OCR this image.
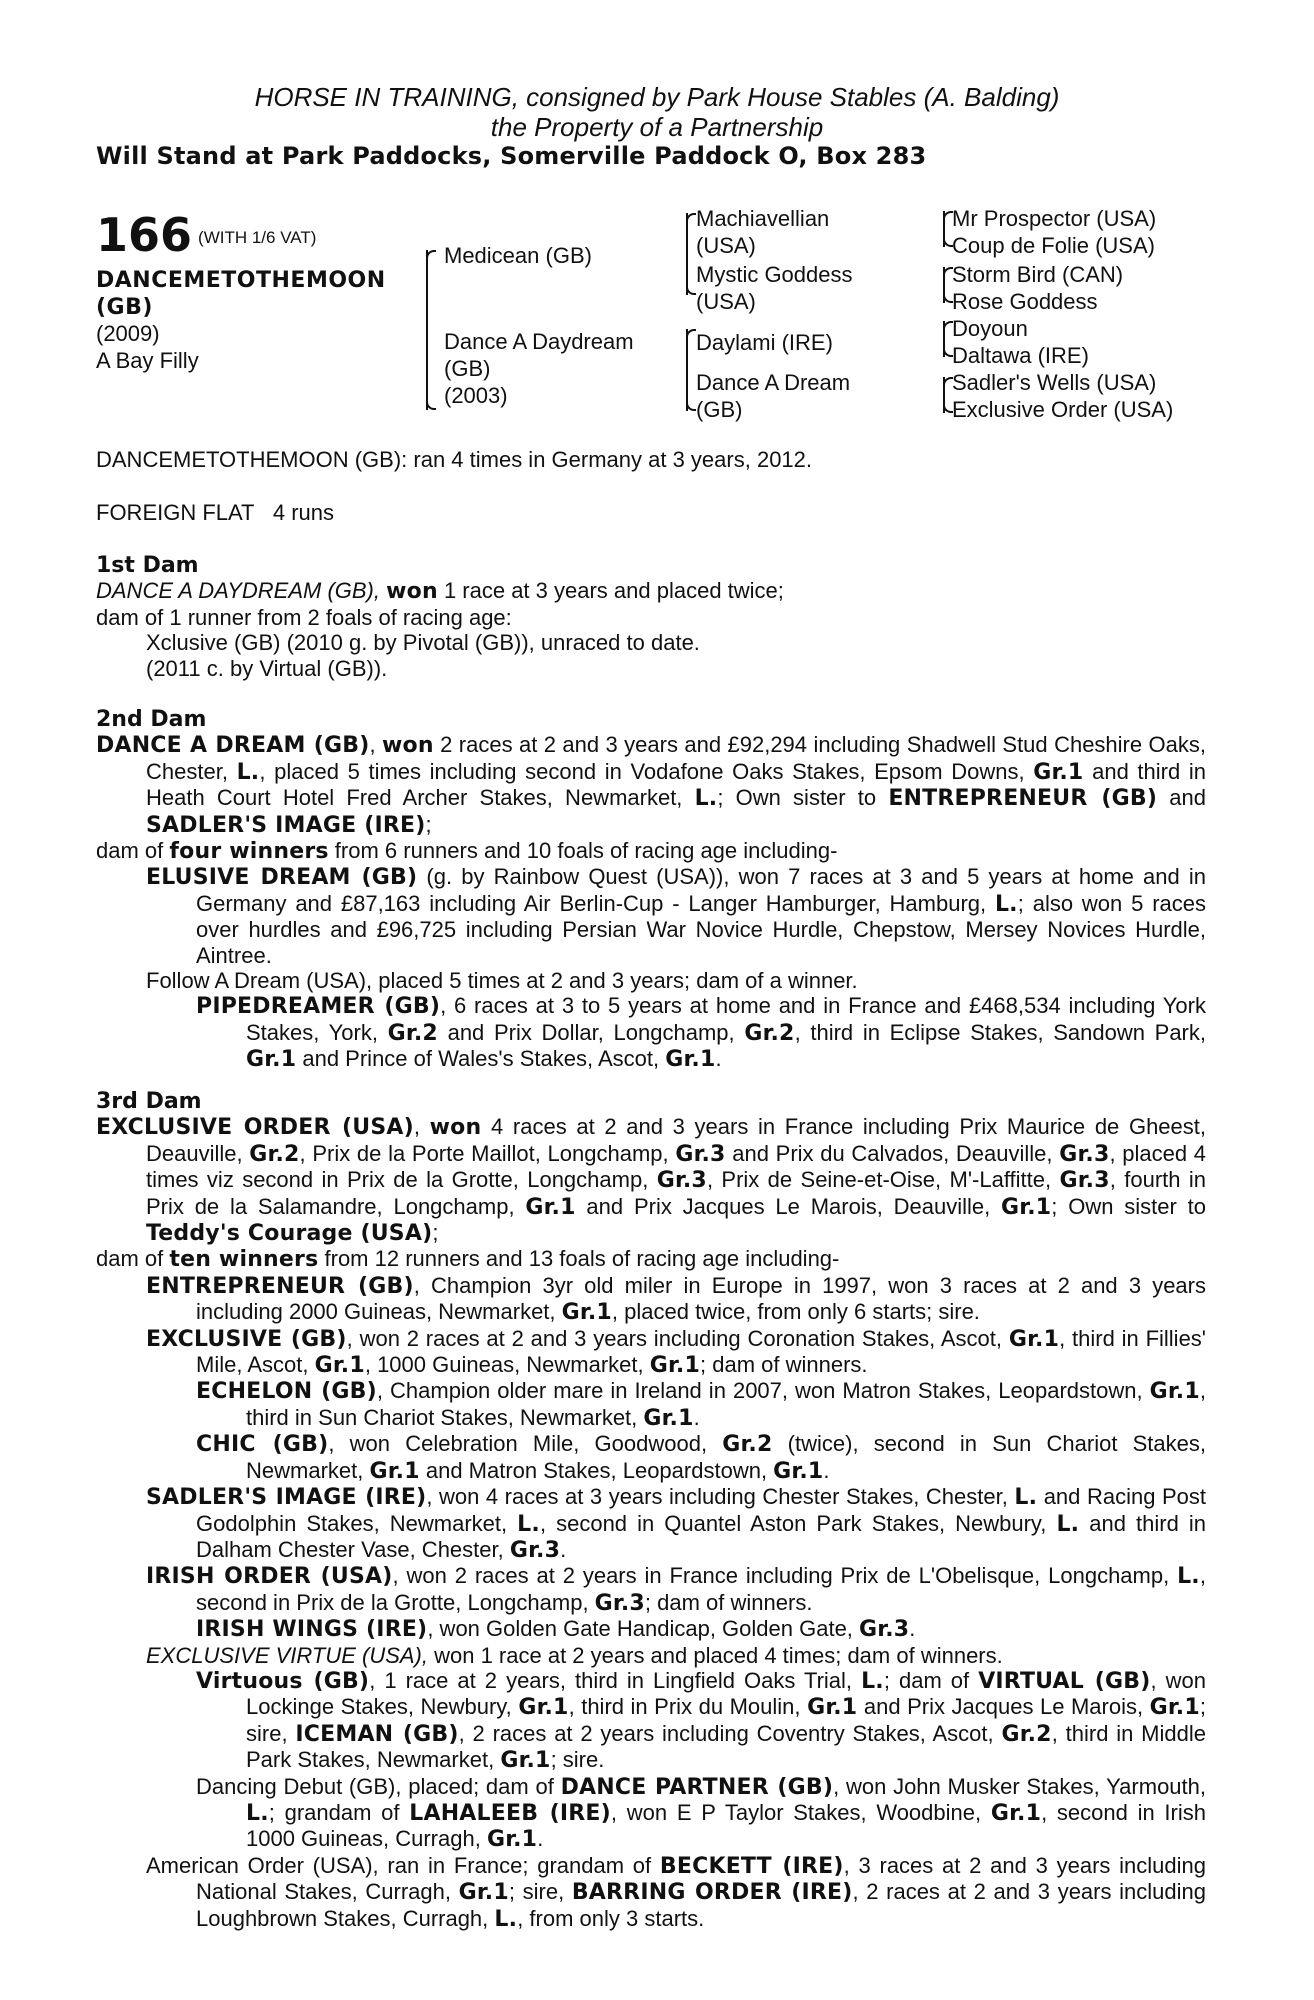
HORSE IN TRAINING, consigned by Park House Stables (A. Balding)
the Property of a Partnership
Will Stand at Park Paddocks, Somerville Paddock O, Box 283
166 (WITH 1/6 VAT)
DANCEMETOTHEMOON
(GB)
(2009)
A Bay Filly
Medicean (GB)
Dance A Daydream
(GB)
(2003)
Machiavellian
(USA)
Mystic Goddess
(USA)
Daylami (IRE)
Dance A Dream
(GB)
Mr Prospector (USA)
Coup de Folie (USA)
Storm Bird (CAN)
Rose Goddess
Doyoun
Daltawa (IRE)
Sadler's Wells (USA)
Exclusive Order (USA)
DANCEMETOTHEMOON (GB): ran 4 times in Germany at 3 years, 2012.
FOREIGN FLAT 4 runs

1st Dam

DANCE A DAYDREAM (GB), won 1 race at 3 years and placed twice;

dam of 1 runner from 2 foals of racing age:

Xclusive (GB) (2010 g. by Pivotal (GB)), unraced to date.

(2011 c. by Virtual (GB)).

2nd Dam

DANCE A DREAM (GB), won 2 races at 2 and 3 years and £92,294 including Shadwell Stud Cheshire Oaks, Chester, L., placed 5 times including second in Vodafone Oaks Stakes, Epsom Downs, Gr.1 and third in Heath Court Hotel Fred Archer Stakes, Newmarket, L.; Own sister to ENTREPRENEUR (GB) and SADLER'S IMAGE (IRE);

dam of four winners from 6 runners and 10 foals of racing age including-

ELUSIVE DREAM (GB) (g. by Rainbow Quest (USA)), won 7 races at 3 and 5 years at home and in Germany and £87,163 including Air Berlin-Cup - Langer Hamburger, Hamburg, L.; also won 5 races over hurdles and £96,725 including Persian War Novice Hurdle, Chepstow, Mersey Novices Hurdle, Aintree.

Follow A Dream (USA), placed 5 times at 2 and 3 years; dam of a winner.

PIPEDREAMER (GB), 6 races at 3 to 5 years at home and in France and £468,534 including York Stakes, York, Gr.2 and Prix Dollar, Longchamp, Gr.2, third in Eclipse Stakes, Sandown Park, Gr.1 and Prince of Wales's Stakes, Ascot, Gr.1.

3rd Dam

EXCLUSIVE ORDER (USA), won 4 races at 2 and 3 years in France including Prix Maurice de Gheest, Deauville, Gr.2, Prix de la Porte Maillot, Longchamp, Gr.3 and Prix du Calvados, Deauville, Gr.3, placed 4 times viz second in Prix de la Grotte, Longchamp, Gr.3, Prix de Seine-et-Oise, M'-Laffitte, Gr.3, fourth in Prix de la Salamandre, Longchamp, Gr.1 and Prix Jacques Le Marois, Deauville, Gr.1; Own sister to Teddy's Courage (USA);

dam of ten winners from 12 runners and 13 foals of racing age including-

ENTREPRENEUR (GB), Champion 3yr old miler in Europe in 1997, won 3 races at 2 and 3 years including 2000 Guineas, Newmarket, Gr.1, placed twice, from only 6 starts; sire.

EXCLUSIVE (GB), won 2 races at 2 and 3 years including Coronation Stakes, Ascot, Gr.1, third in Fillies' Mile, Ascot, Gr.1, 1000 Guineas, Newmarket, Gr.1; dam of winners.

ECHELON (GB), Champion older mare in Ireland in 2007, won Matron Stakes, Leopardstown, Gr.1, third in Sun Chariot Stakes, Newmarket, Gr.1.

CHIC (GB), won Celebration Mile, Goodwood, Gr.2 (twice), second in Sun Chariot Stakes, Newmarket, Gr.1 and Matron Stakes, Leopardstown, Gr.1.

SADLER'S IMAGE (IRE), won 4 races at 3 years including Chester Stakes, Chester, L. and Racing Post Godolphin Stakes, Newmarket, L., second in Quantel Aston Park Stakes, Newbury, L. and third in Dalham Chester Vase, Chester, Gr.3.

IRISH ORDER (USA), won 2 races at 2 years in France including Prix de L'Obelisque, Longchamp, L., second in Prix de la Grotte, Longchamp, Gr.3; dam of winners.

IRISH WINGS (IRE), won Golden Gate Handicap, Golden Gate, Gr.3.

EXCLUSIVE VIRTUE (USA), won 1 race at 2 years and placed 4 times; dam of winners.

Virtuous (GB), 1 race at 2 years, third in Lingfield Oaks Trial, L.; dam of VIRTUAL (GB), won Lockinge Stakes, Newbury, Gr.1, third in Prix du Moulin, Gr.1 and Prix Jacques Le Marois, Gr.1; sire, ICEMAN (GB), 2 races at 2 years including Coventry Stakes, Ascot, Gr.2, third in Middle Park Stakes, Newmarket, Gr.1; sire.

Dancing Debut (GB), placed; dam of DANCE PARTNER (GB), won John Musker Stakes, Yarmouth, L.; grandam of LAHALEEB (IRE), won E P Taylor Stakes, Woodbine, Gr.1, second in Irish 1000 Guineas, Curragh, Gr.1.

American Order (USA), ran in France; grandam of BECKETT (IRE), 3 races at 2 and 3 years including National Stakes, Curragh, Gr.1; sire, BARRING ORDER (IRE), 2 races at 2 and 3 years including Loughbrown Stakes, Curragh, L., from only 3 starts.
